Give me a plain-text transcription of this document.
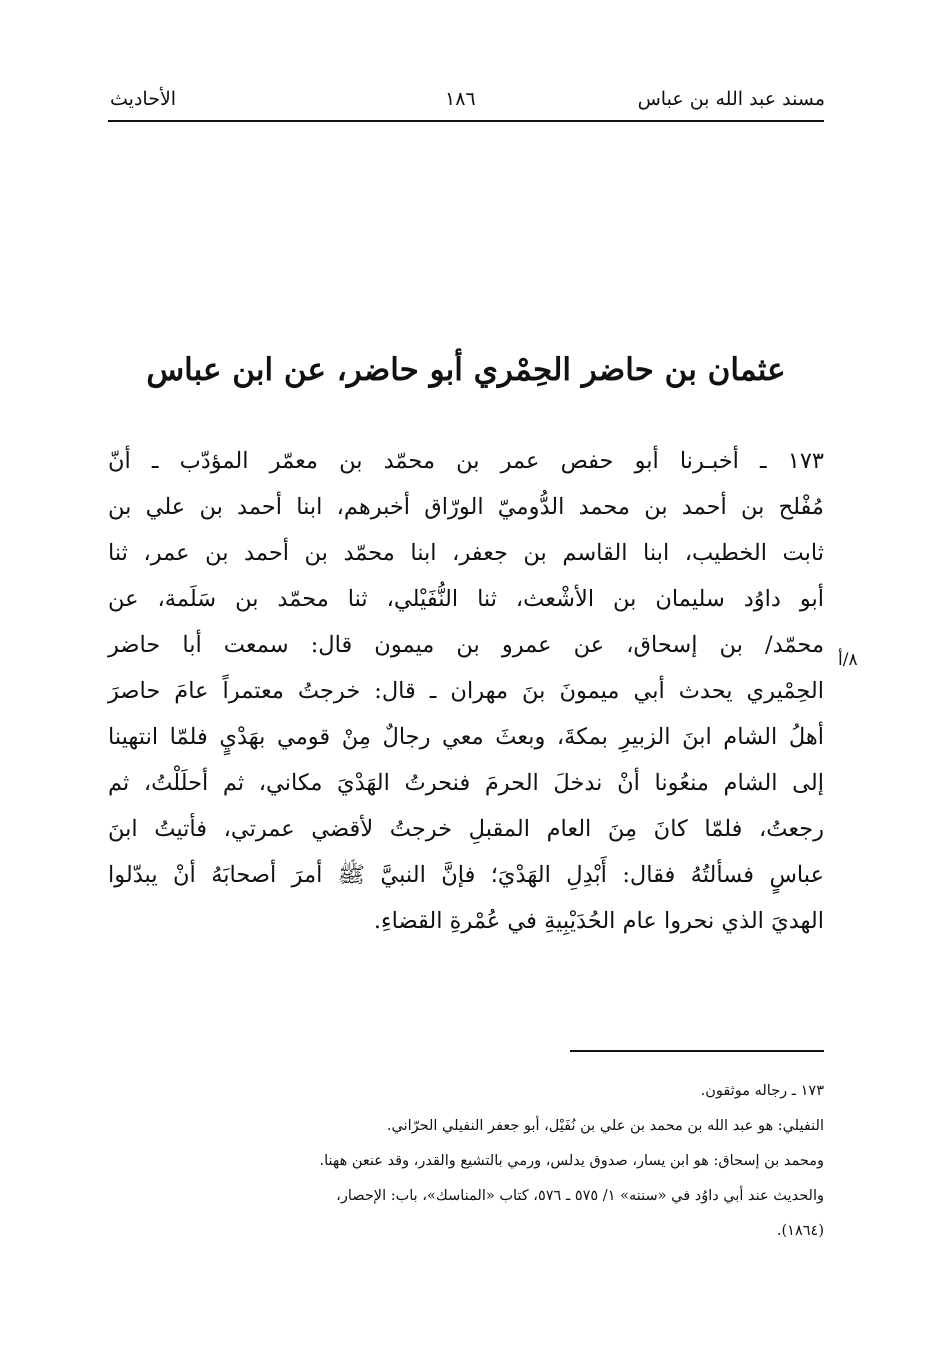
مسند عبد الله بن عباس
١٨٦
الأحاديث
عثمان بن حاضر الحِمْري أبو حاضر، عن ابن عباس
١٧٣ ـ أخبـرنا أبو حفص عمر بن محمّد بن معمّر المؤدّب ـ أنّ
مُفْلح بن أحمد بن محمد الدُّوميّ الورّاق أخبرهم، ابنا أحمد بن علي بن
ثابت الخطيب، ابنا القاسم بن جعفر، ابنا محمّد بن أحمد بن عمر، ثنا
أبو داوُد سليمان بن الأشْعث، ثنا النُّفَيْلي، ثنا محمّد بن سَلَمة، عن
محمّد/ بن إسحاق، عن عمرو بن ميمون قال: سمعت أبا حاضر
الحِمْيري يحدث أبي ميمونَ بنَ مهران ـ قال: خرجتُ معتمراً عامَ حاصرَ
أهلُ الشام ابنَ الزبيرِ بمكةَ، وبعثَ معي رجالٌ مِنْ قومي بهَدْيٍ فلمّا انتهينا
إلى الشام منعُونا أنْ ندخلَ الحرمَ فنحرتُ الهَدْيَ مكاني، ثم أحلَلْتُ، ثم
رجعتُ، فلمّا كانَ مِنَ العام المقبلِ خرجتُ لأقضي عمرتي، فأتيتُ ابنَ
عباسٍ فسألتُهُ فقال: أَبْدِلِ الهَدْيَ؛ فإنَّ النبيَّ ﷺ أمرَ أصحابَهُ أنْ يبدّلوا
الهديَ الذي نحروا عام الحُدَيْبِيةِ في عُمْرةِ القضاءِ.
٨/أ
١٧٣ ـ رجاله موثقون.
النفيلي: هو عبد الله بن محمد بن علي بن نُفَيْل، أبو جعفر النفيلي الحرّاني.
ومحمد بن إسحاق: هو ابن يسار، صدوق يدلس، ورمي بالتشيع والقدر، وقد عنعن ههنا.
والحديث عند أبي داوُد في «سننه» ١/ ٥٧٥ ـ ٥٧٦، كتاب «المناسك»، باب: الإحصار،
(١٨٦٤).
